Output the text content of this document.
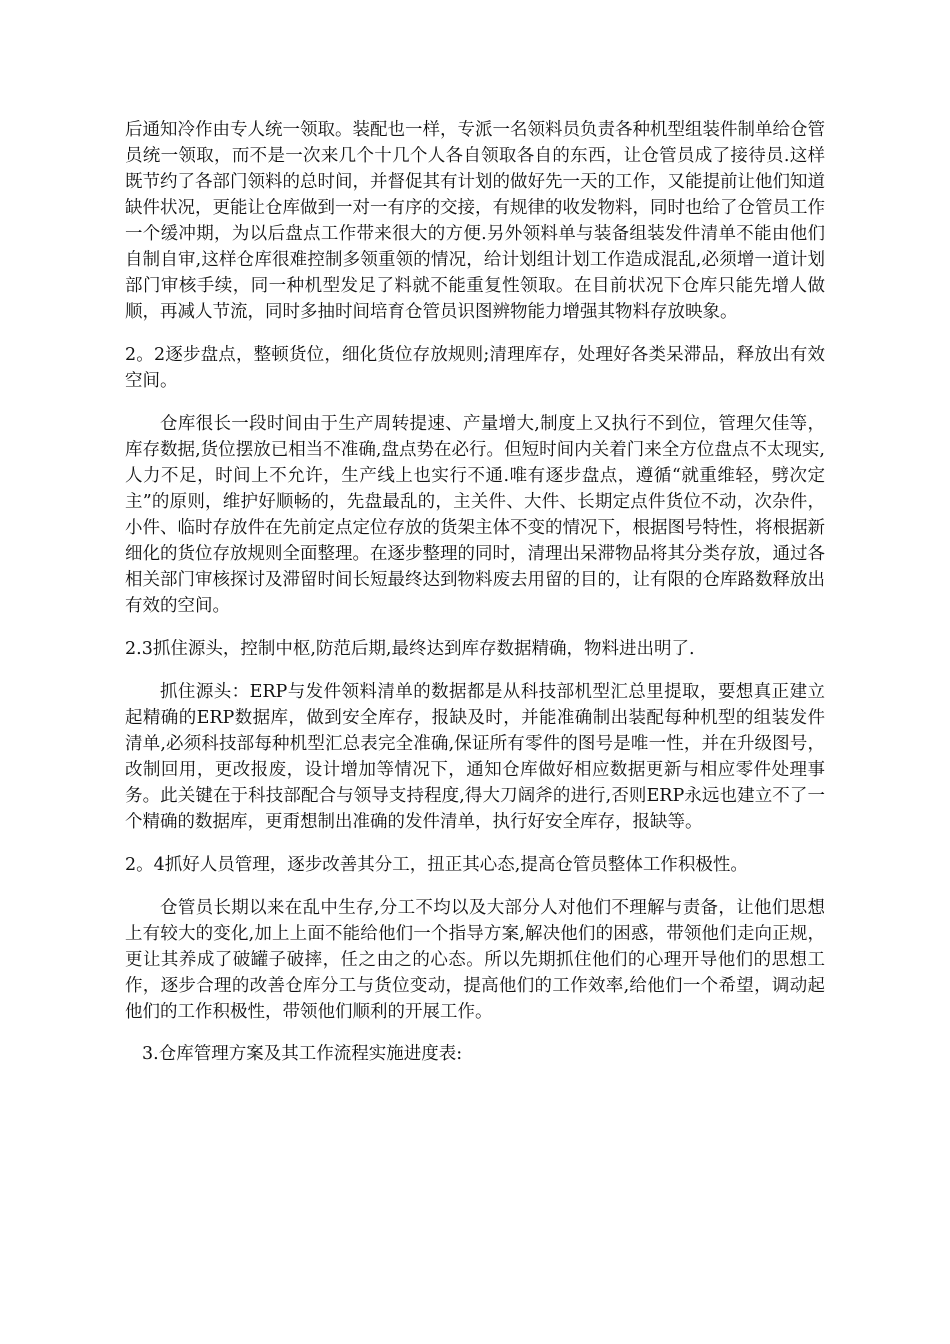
后通知冷作由专人统一领取。装配也一样，专派一名领料员负责各种机型组装件制单给仓管员统一领取，而不是一次来几个十几个人各自领取各自的东西，让仓管员成了接待员.这样既节约了各部门领料的总时间，并督促其有计划的做好先一天的工作，又能提前让他们知道缺件状况，更能让仓库做到一对一有序的交接，有规律的收发物料，同时也给了仓管员工作一个缓冲期，为以后盘点工作带来很大的方便.另外领料单与装备组装发件清单不能由他们自制自审,这样仓库很难控制多领重领的情况，给计划组计划工作造成混乱,必须增一道计划部门审核手续，同一种机型发足了料就不能重复性领取。在目前状况下仓库只能先增人做顺，再减人节流，同时多抽时间培育仓管员识图辨物能力增强其物料存放映象。

2。2逐步盘点，整顿货位，细化货位存放规则;清理库存，处理好各类呆滞品，释放出有效空间。

仓库很长一段时间由于生产周转提速、产量增大,制度上又执行不到位，管理欠佳等，库存数据,货位摆放已相当不准确,盘点势在必行。但短时间内关着门来全方位盘点不太现实,人力不足，时间上不允许，生产线上也实行不通.唯有逐步盘点，遵循“就重维轻，劈次定主”的原则，维护好顺畅的，先盘最乱的，主关件、大件、长期定点件货位不动，次杂件，小件、临时存放件在先前定点定位存放的货架主体不变的情况下，根据图号特性，将根据新细化的货位存放规则全面整理。在逐步整理的同时，清理出呆滞物品将其分类存放，通过各相关部门审核探讨及滞留时间长短最终达到物料废去用留的目的，让有限的仓库路数释放出有效的空间。

2.3抓住源头，控制中枢,防范后期,最终达到库存数据精确，物料进出明了.

抓住源头：ERP与发件领料清单的数据都是从科技部机型汇总里提取，要想真正建立起精确的ERP数据库，做到安全库存，报缺及时，并能准确制出装配每种机型的组装发件清单,必须科技部每种机型汇总表完全准确,保证所有零件的图号是唯一性，并在升级图号，改制回用，更改报废，设计增加等情况下，通知仓库做好相应数据更新与相应零件处理事务。此关键在于科技部配合与领导支持程度,得大刀阔斧的进行,否则ERP永远也建立不了一个精确的数据库，更甭想制出准确的发件清单，执行好安全库存，报缺等。

2。4抓好人员管理，逐步改善其分工，扭正其心态,提高仓管员整体工作积极性。

仓管员长期以来在乱中生存,分工不均以及大部分人对他们不理解与责备，让他们思想上有较大的变化,加上上面不能给他们一个指导方案,解决他们的困惑，带领他们走向正规，更让其养成了破罐子破摔，任之由之的心态。所以先期抓住他们的心理开导他们的思想工作，逐步合理的改善仓库分工与货位变动，提高他们的工作效率,给他们一个希望，调动起他们的工作积极性，带领他们顺利的开展工作。

3.仓库管理方案及其工作流程实施进度表:
